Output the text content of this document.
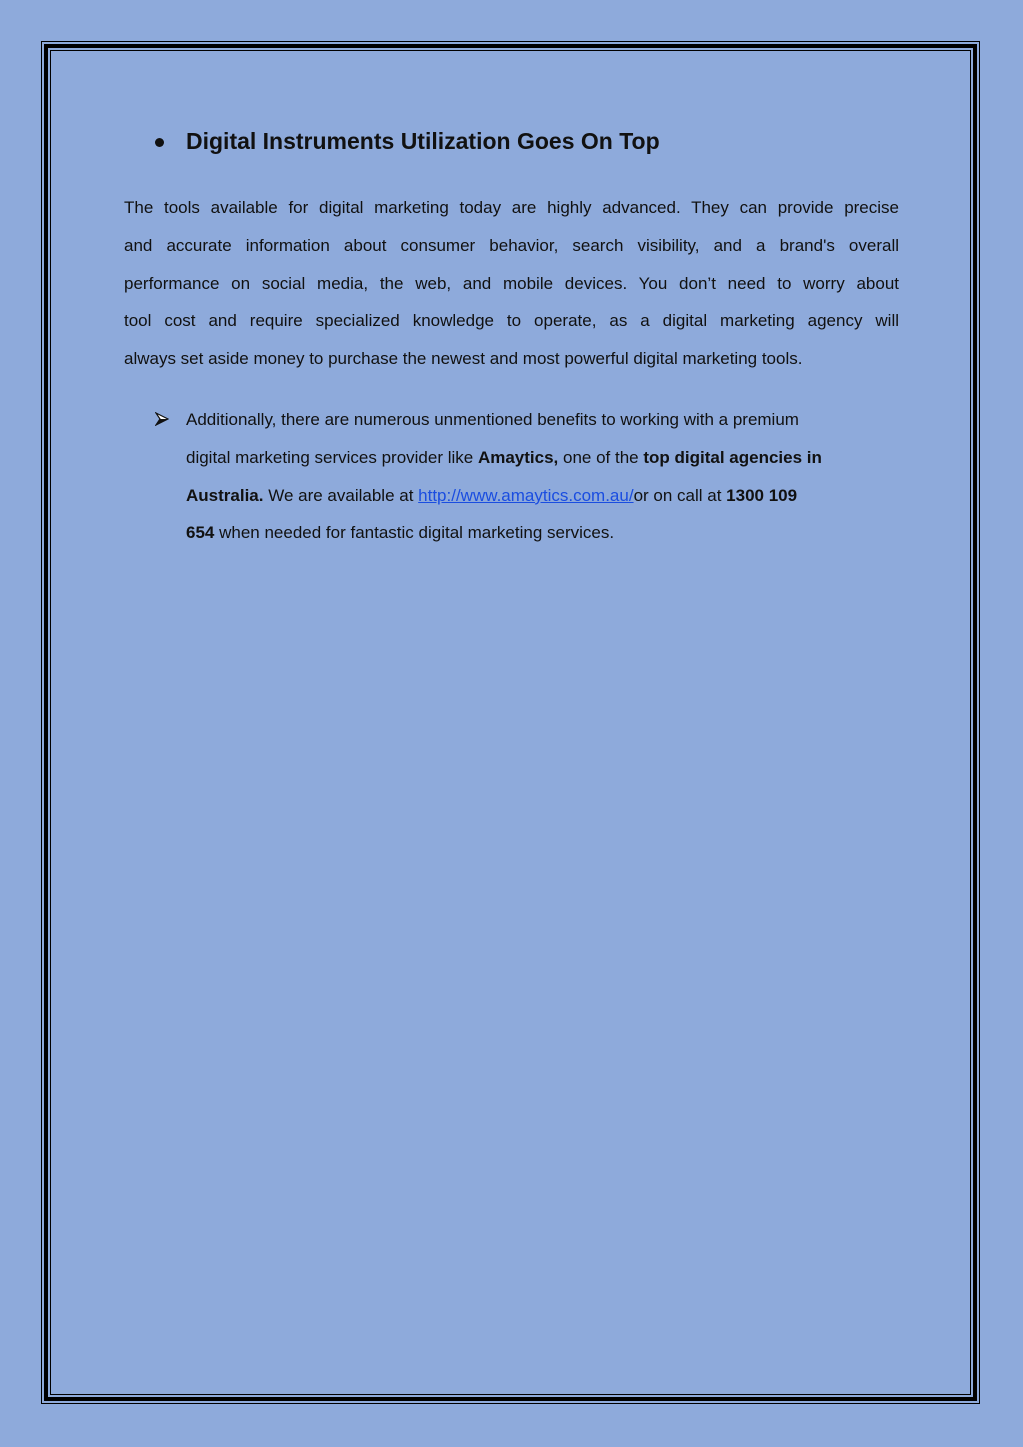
Digital Instruments Utilization Goes On Top
The tools available for digital marketing today are highly advanced. They can provide precise
and accurate information about consumer behavior, search visibility, and a brand's overall
performance on social media, the web, and mobile devices. You don’t need to worry about
tool cost and require specialized knowledge to operate, as a digital marketing agency will
always set aside money to purchase the newest and most powerful digital marketing tools.
Additionally, there are numerous unmentioned benefits to working with a premium
digital marketing services provider like Amaytics, one of the top digital agencies in
Australia. We are available at http://www.amaytics.com.au/or on call at 1300 109
654 when needed for fantastic digital marketing services.
